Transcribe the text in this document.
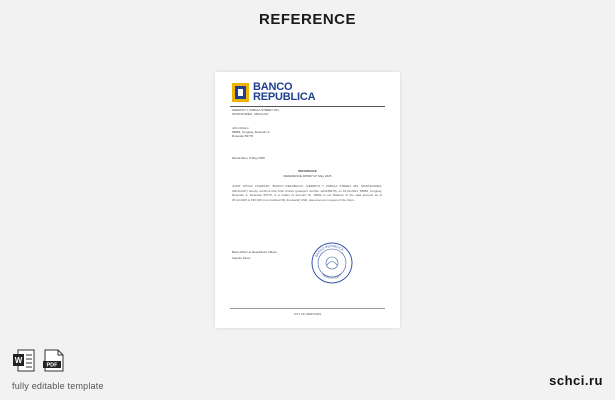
REFERENCE
BANCO
REPUBLICA
CERRITO Y ZABALA STREET 351,
MONTEVIDEO, URUGUAY
John Citizen
58882, Uruguay, Rosendo A
Rosendo 56770
Montevideo, 8 May 2025
REFERENCE
REFERENCE 18984/"13" May 2025
JOINT STOCK COMPANY "BANCO REPUBLICA" (CERRITO Y ZABALA STREET 351, MONTEVIDEO, URUGUAY) hereby confirms that John Citizen (passport number 12A345678), on 19.03.2021, 58882, Uruguay, Rosendo A, Rosendo 56770, is a holder of account № 18993 in our Balance of the said account as of 25.12.2025 is 150 000 (one hundred fifty thousand) USD, issued as per request of the client.
Bank officer at Republica's offices
Agustin Perez
BANCO REPUBLICA
MONTEVIDEO
LIST OF SERVICES
W
PDF
fully editable template	schci.ru
